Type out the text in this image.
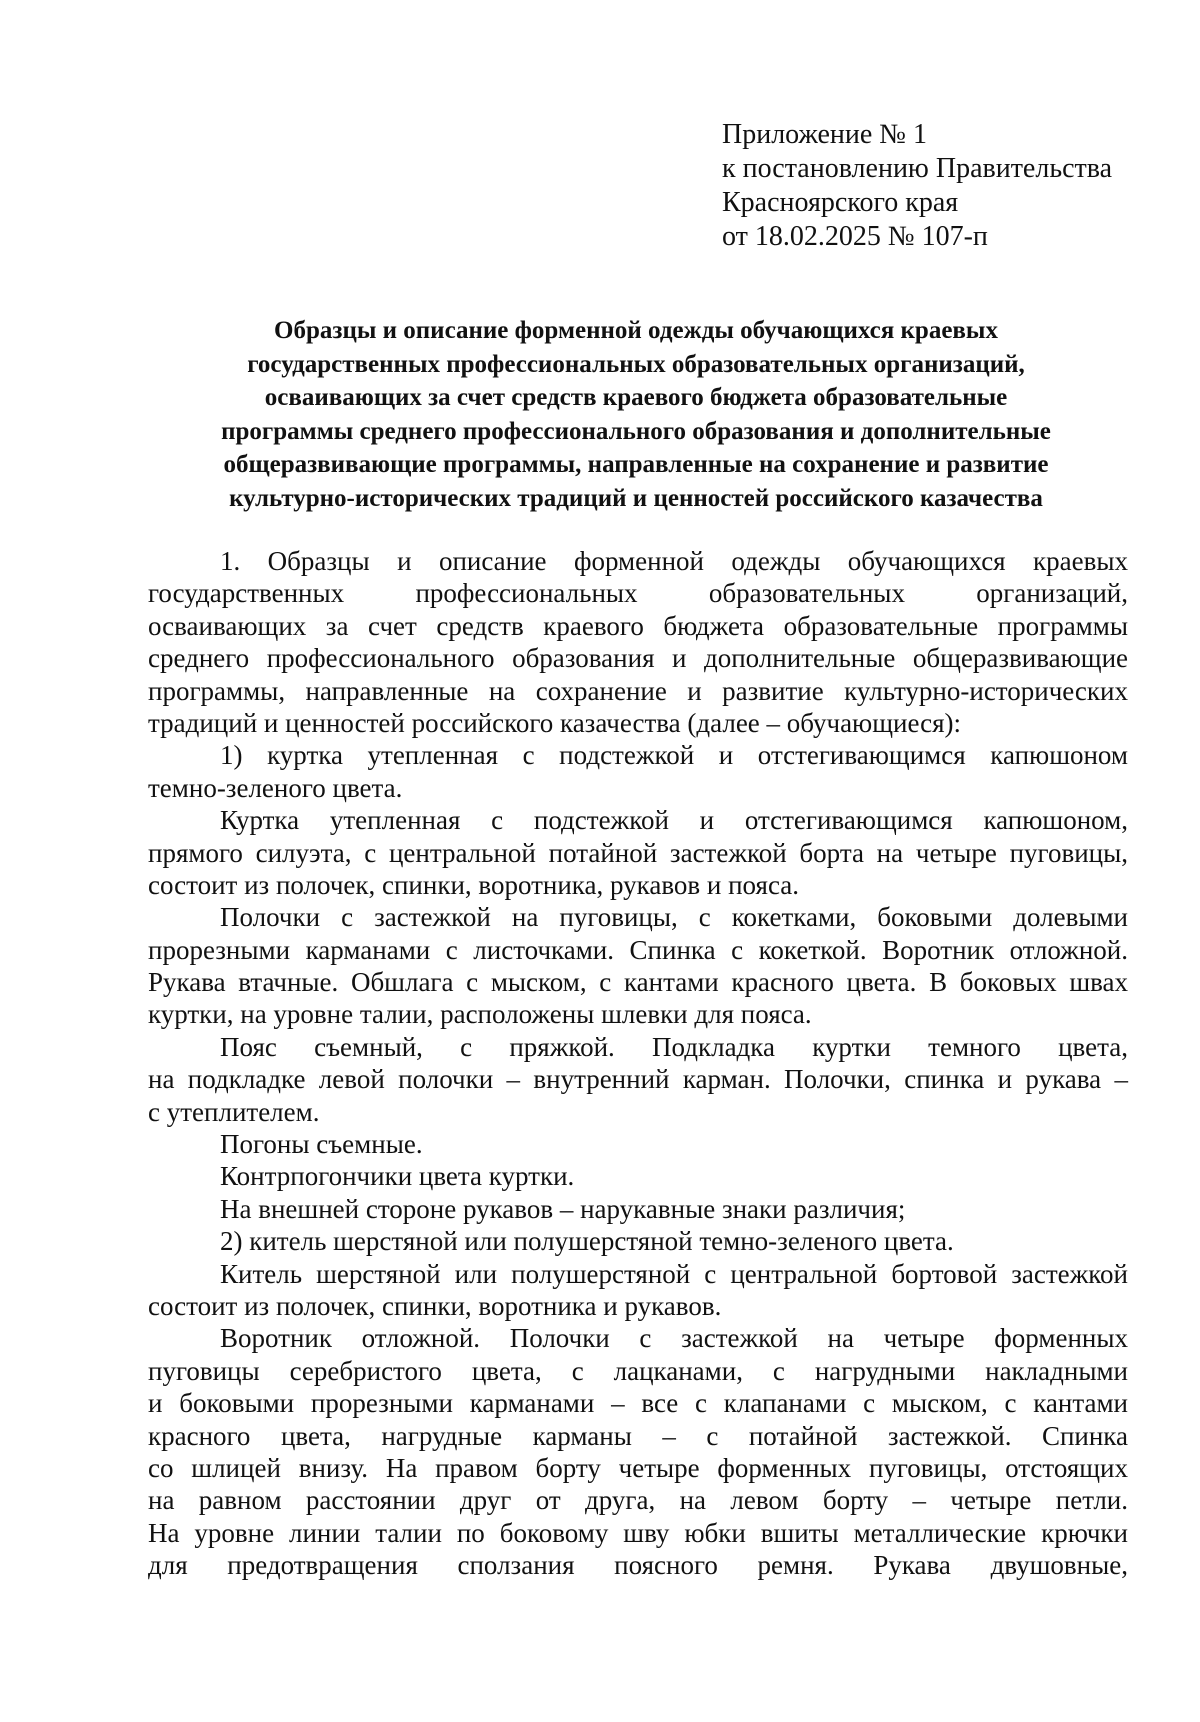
Приложение № 1
к постановлению Правительства
Красноярского края
от 18.02.2025 № 107-п
Образцы и описание форменной одежды обучающихся краевых
государственных профессиональных образовательных организаций,
осваивающих за счет средств краевого бюджета образовательные
программы среднего профессионального образования и дополнительные
общеразвивающие программы, направленные на сохранение и развитие
культурно-исторических традиций и ценностей российского казачества
1. Образцы и описание форменной одежды обучающихся краевых
государственных профессиональных образовательных организаций,
осваивающих за счет средств краевого бюджета образовательные программы
среднего профессионального образования и дополнительные общеразвивающие
программы, направленные на сохранение и развитие культурно-исторических
традиций и ценностей российского казачества (далее – обучающиеся):
1) куртка утепленная с подстежкой и отстегивающимся капюшоном
темно-зеленого цвета.
Куртка утепленная с подстежкой и отстегивающимся капюшоном,
прямого силуэта, с центральной потайной застежкой борта на четыре пуговицы,
состоит из полочек, спинки, воротника, рукавов и пояса.
Полочки с застежкой на пуговицы, с кокетками, боковыми долевыми
прорезными карманами с листочками. Спинка с кокеткой. Воротник отложной.
Рукава втачные. Обшлага с мыском, с кантами красного цвета. В боковых швах
куртки, на уровне талии, расположены шлевки для пояса.
Пояс съемный, с пряжкой. Подкладка куртки темного цвета,
на подкладке левой полочки – внутренний карман. Полочки, спинка и рукава –
с утеплителем.
Погоны съемные.
Контрпогончики цвета куртки.
На внешней стороне рукавов – нарукавные знаки различия;
2) китель шерстяной или полушерстяной темно-зеленого цвета.
Китель шерстяной или полушерстяной с центральной бортовой застежкой
состоит из полочек, спинки, воротника и рукавов.
Воротник отложной. Полочки с застежкой на четыре форменных
пуговицы серебристого цвета, с лацканами, с нагрудными накладными
и боковыми прорезными карманами – все с клапанами с мыском, с кантами
красного цвета, нагрудные карманы – с потайной застежкой. Спинка
со шлицей внизу. На правом борту четыре форменных пуговицы, отстоящих
на равном расстоянии друг от друга, на левом борту – четыре петли.
На уровне линии талии по боковому шву юбки вшиты металлические крючки
для предотвращения сползания поясного ремня. Рукава двушовные,
